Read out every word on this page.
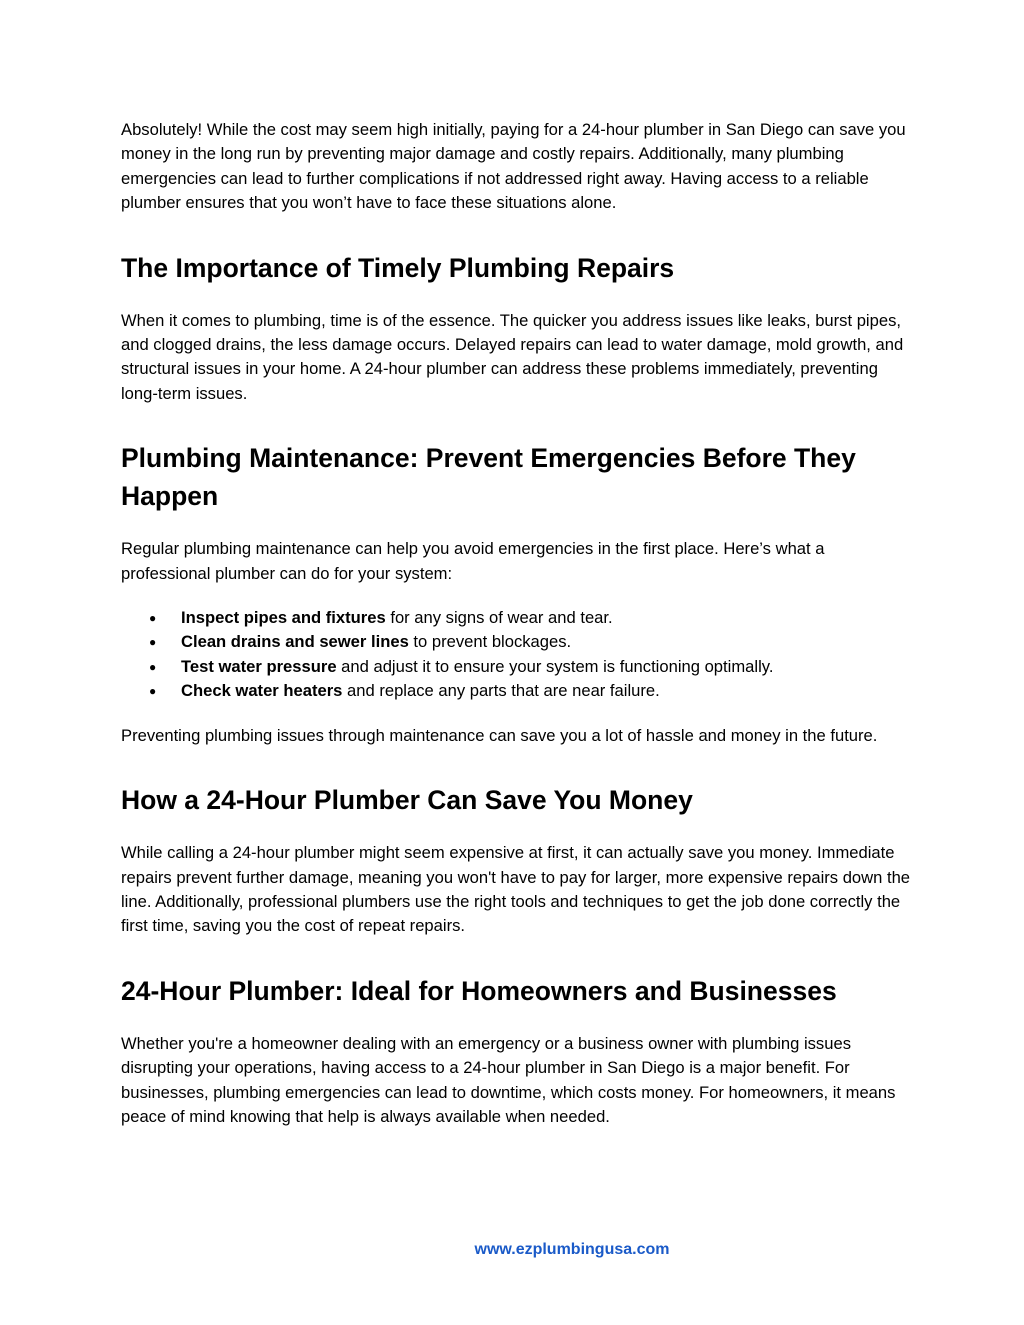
Absolutely! While the cost may seem high initially, paying for a 24-hour plumber in San Diego can save you money in the long run by preventing major damage and costly repairs. Additionally, many plumbing emergencies can lead to further complications if not addressed right away. Having access to a reliable plumber ensures that you won’t have to face these situations alone.

The Importance of Timely Plumbing Repairs

When it comes to plumbing, time is of the essence. The quicker you address issues like leaks, burst pipes, and clogged drains, the less damage occurs. Delayed repairs can lead to water damage, mold growth, and structural issues in your home. A 24-hour plumber can address these problems immediately, preventing long-term issues.

Plumbing Maintenance: Prevent Emergencies Before They Happen

Regular plumbing maintenance can help you avoid emergencies in the first place. Here’s what a professional plumber can do for your system:

● Inspect pipes and fixtures for any signs of wear and tear.
● Clean drains and sewer lines to prevent blockages.
● Test water pressure and adjust it to ensure your system is functioning optimally.
● Check water heaters and replace any parts that are near failure.

Preventing plumbing issues through maintenance can save you a lot of hassle and money in the future.

How a 24-Hour Plumber Can Save You Money

While calling a 24-hour plumber might seem expensive at first, it can actually save you money. Immediate repairs prevent further damage, meaning you won't have to pay for larger, more expensive repairs down the line. Additionally, professional plumbers use the right tools and techniques to get the job done correctly the first time, saving you the cost of repeat repairs.

24-Hour Plumber: Ideal for Homeowners and Businesses

Whether you're a homeowner dealing with an emergency or a business owner with plumbing issues disrupting your operations, having access to a 24-hour plumber in San Diego is a major benefit. For businesses, plumbing emergencies can lead to downtime, which costs money. For homeowners, it means peace of mind knowing that help is always available when needed.

www.ezplumbingusa.com
